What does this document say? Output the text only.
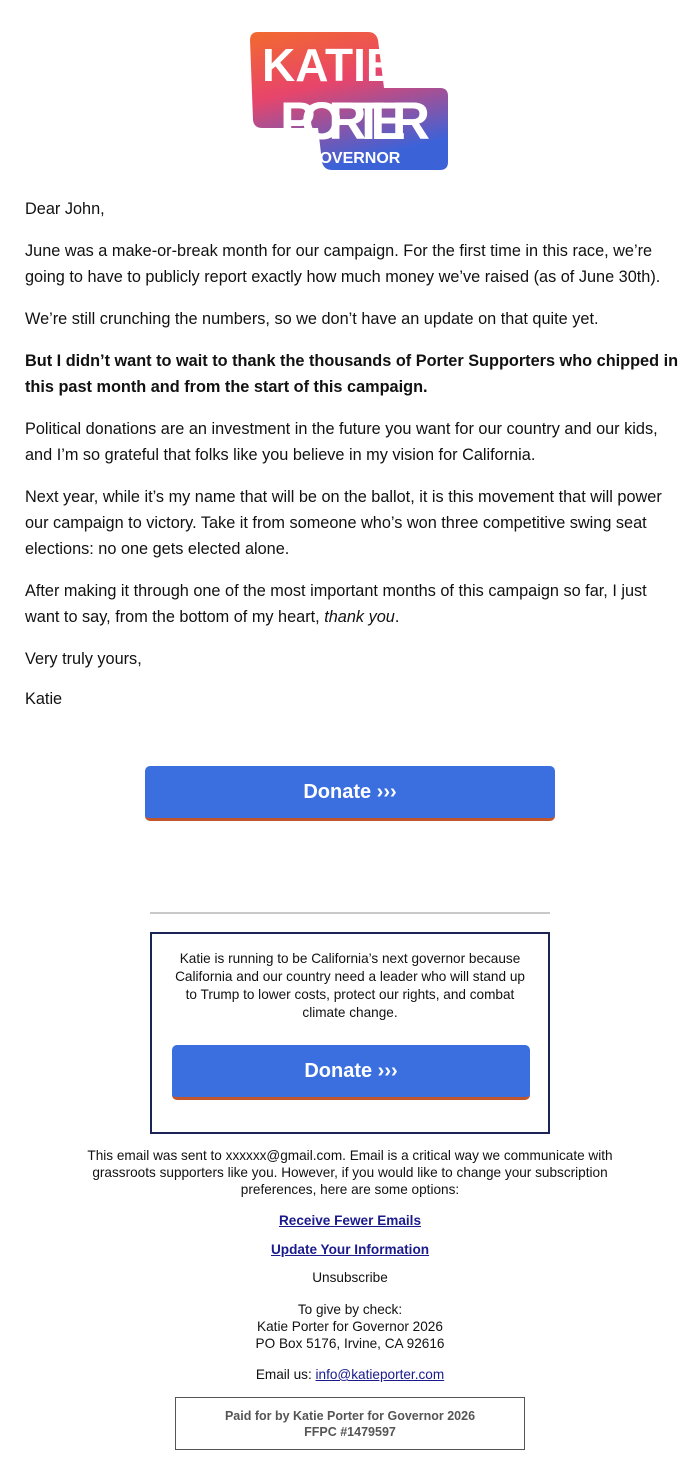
KATIE
PORTER
FOR GOVERNOR

Dear John,

June was a make-or-break month for our campaign. For the first time in this race, we’re going to have to publicly report exactly how much money we’ve raised (as of June 30th).

We’re still crunching the numbers, so we don’t have an update on that quite yet.

But I didn’t want to wait to thank the thousands of Porter Supporters who chipped in this past month and from the start of this campaign.

Political donations are an investment in the future you want for our country and our kids, and I’m so grateful that folks like you believe in my vision for California.

Next year, while it’s my name that will be on the ballot, it is this movement that will power our campaign to victory. Take it from someone who’s won three competitive swing seat elections: no one gets elected alone.

After making it through one of the most important months of this campaign so far, I just want to say, from the bottom of my heart, thank you.

Very truly yours,

Katie

Donate ›››
Katie is running to be California’s next governor because California and our country need a leader who will stand up to Trump to lower costs, protect our rights, and combat climate change.
Donate ›››

This email was sent to xxxxxx@gmail.com. Email is a critical way we communicate with grassroots supporters like you. However, if you would like to change your subscription preferences, here are some options:

Receive Fewer Emails
Update Your Information
Unsubscribe
To give by check:
Katie Porter for Governor 2026
PO Box 5176, Irvine, CA 92616
Email us: info@katieporter.com
Paid for by Katie Porter for Governor 2026
FFPC #1479597
